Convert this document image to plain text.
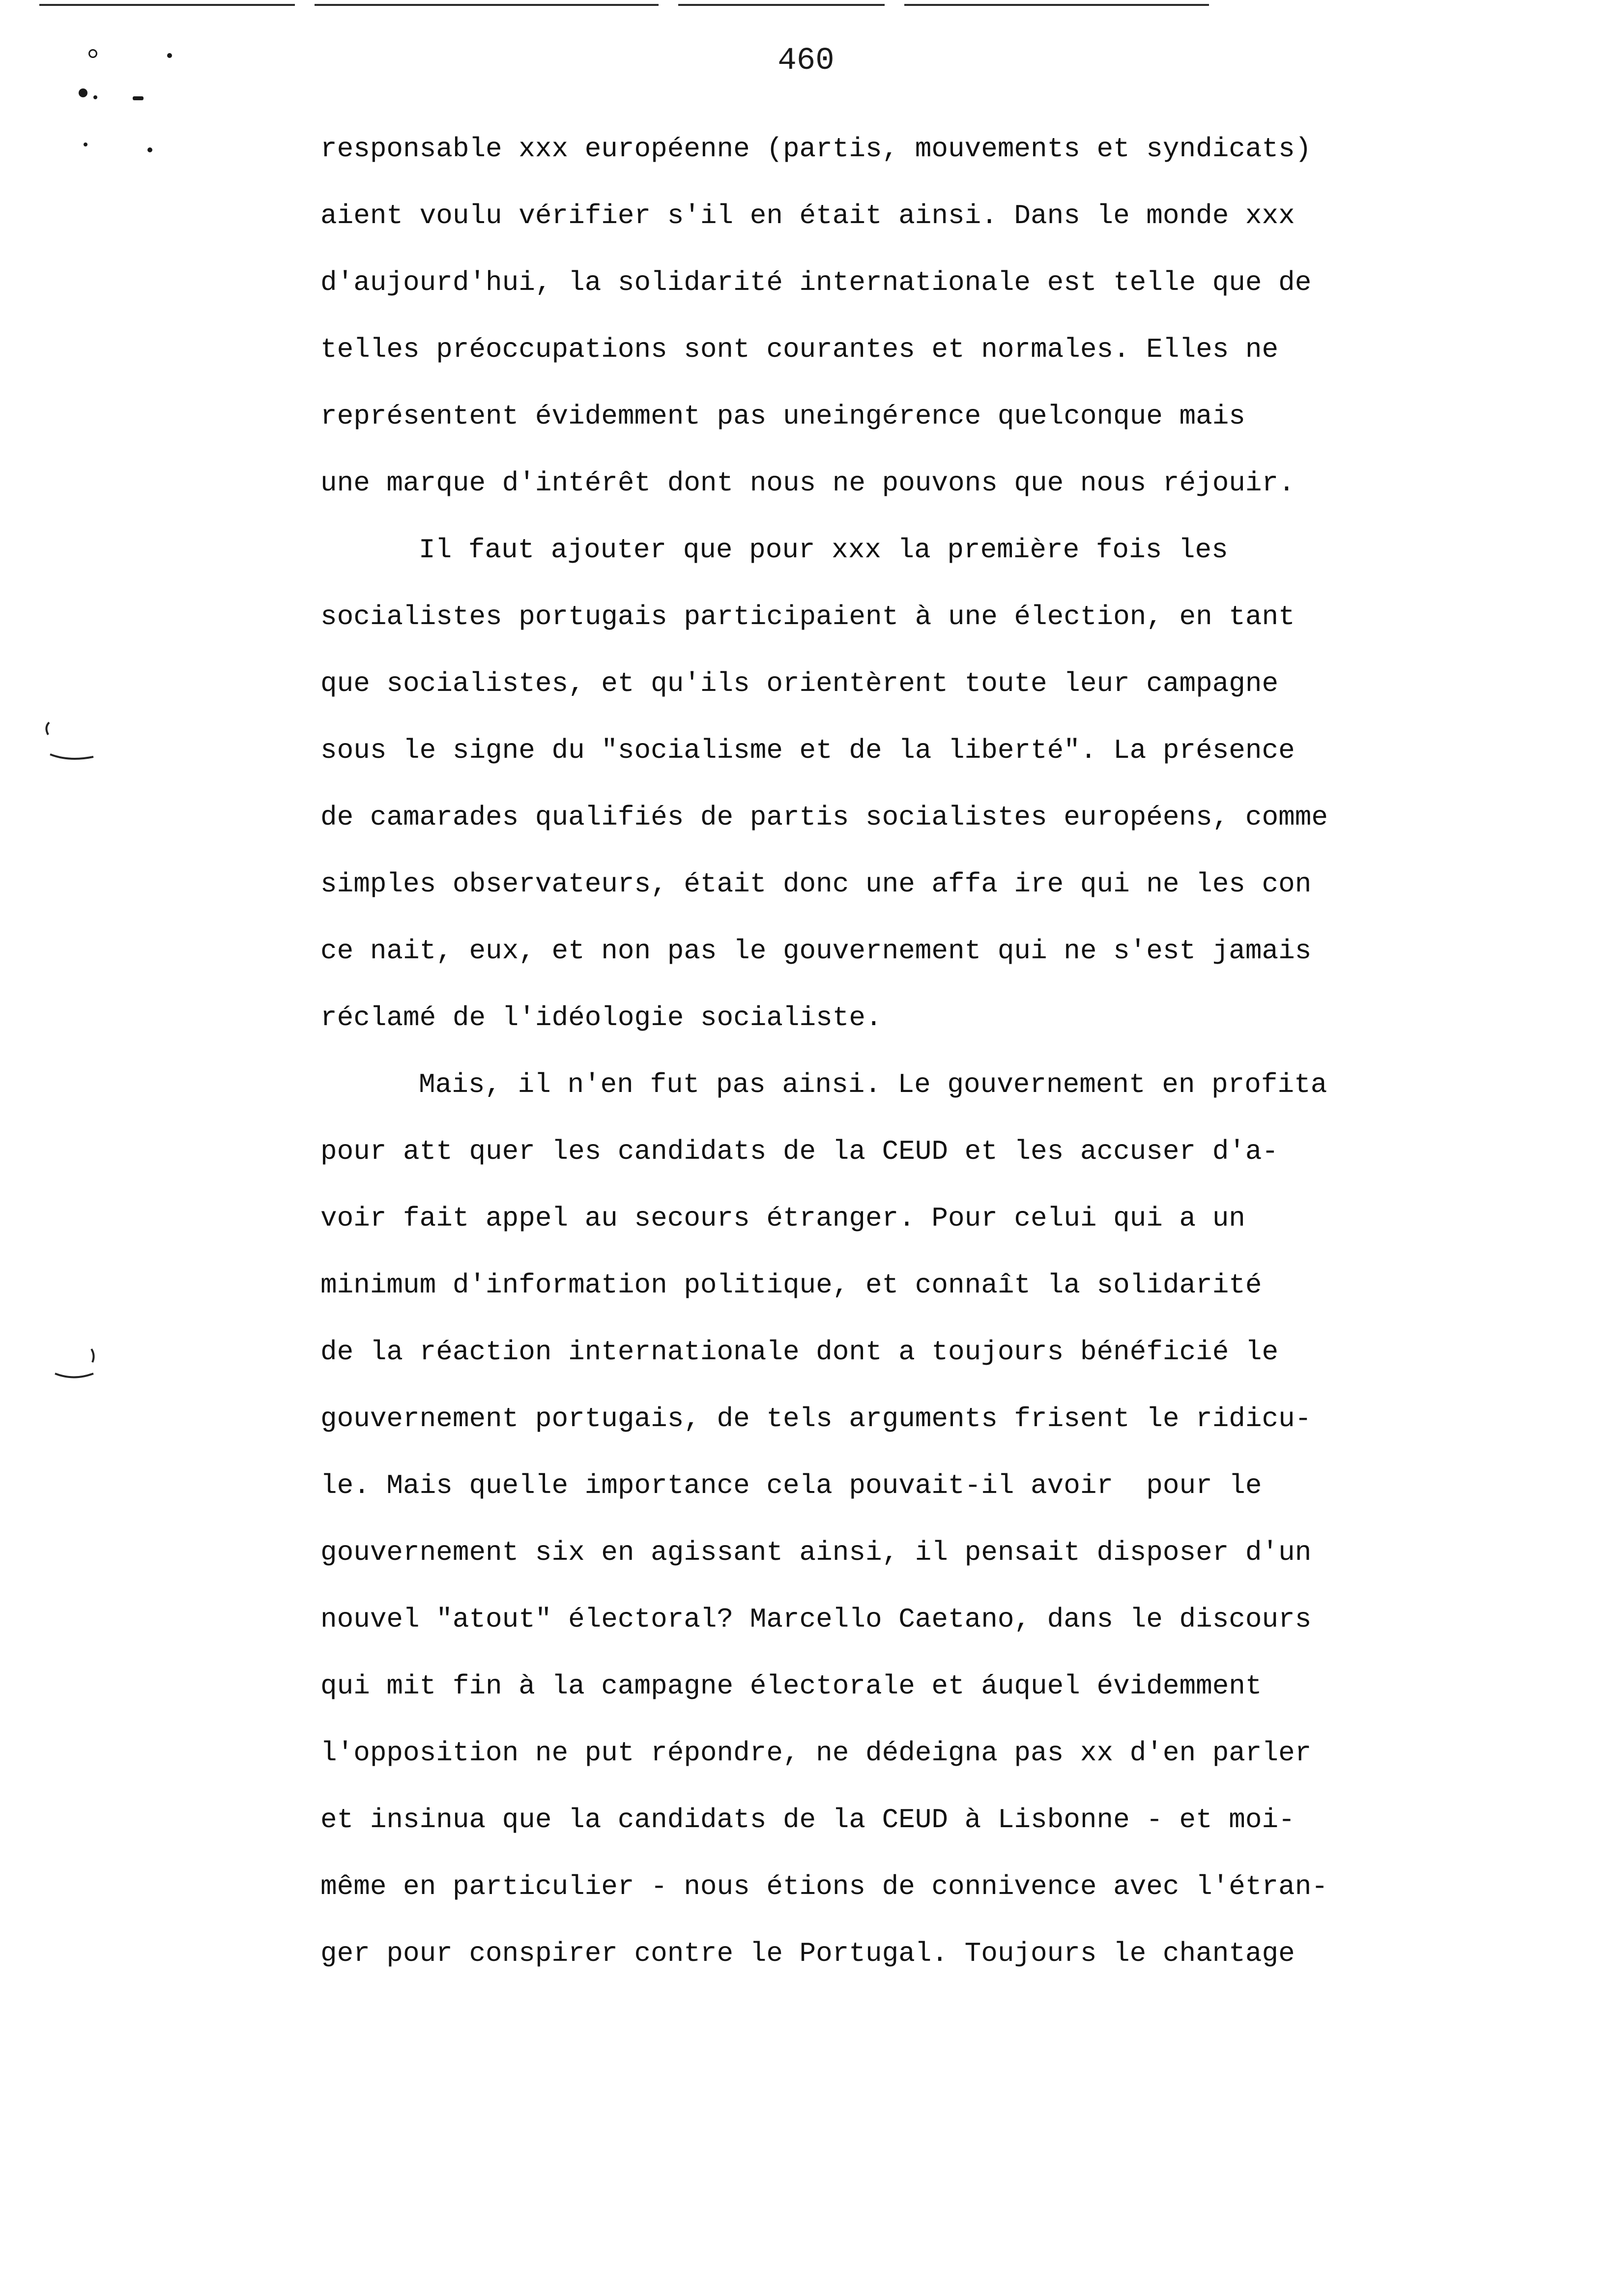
460
responsable xxx européenne (partis, mouvements et syndicats)
aient voulu vérifier s'il en était ainsi. Dans le monde xxx
d'aujourd'hui, la solidarité internationale est telle que de
telles préoccupations sont courantes et normales. Elles ne
représentent évidemment pas uneingérence quelconque mais
une marque d'intérêt dont nous ne pouvons que nous réjouir.
Il faut ajouter que pour xxx la première fois les
socialistes portugais participaient à une élection, en tant
que socialistes, et qu'ils orientèrent toute leur campagne
sous le signe du "socialisme et de la liberté". La présence
de camarades qualifiés de partis socialistes européens, comme
simples observateurs, était donc une affa ire qui ne les con
ce nait, eux, et non pas le gouvernement qui ne s'est jamais
réclamé de l'idéologie socialiste.
Mais, il n'en fut pas ainsi. Le gouvernement en profita
pour att quer les candidats de la CEUD et les accuser d'a-
voir fait appel au secours étranger. Pour celui qui a un
minimum d'information politique, et connaît la solidarité
de la réaction internationale dont a toujours bénéficié le
gouvernement portugais, de tels arguments frisent le ridicu-
le. Mais quelle importance cela pouvait-il avoir  pour le
gouvernement six en agissant ainsi, il pensait disposer d'un
nouvel "atout" électoral? Marcello Caetano, dans le discours
qui mit fin à la campagne électorale et áuquel évidemment
l'opposition ne put répondre, ne dédeigna pas xx d'en parler
et insinua que la candidats de la CEUD à Lisbonne - et moi-
même en particulier - nous étions de connivence avec l'étran-
ger pour conspirer contre le Portugal. Toujours le chantage
